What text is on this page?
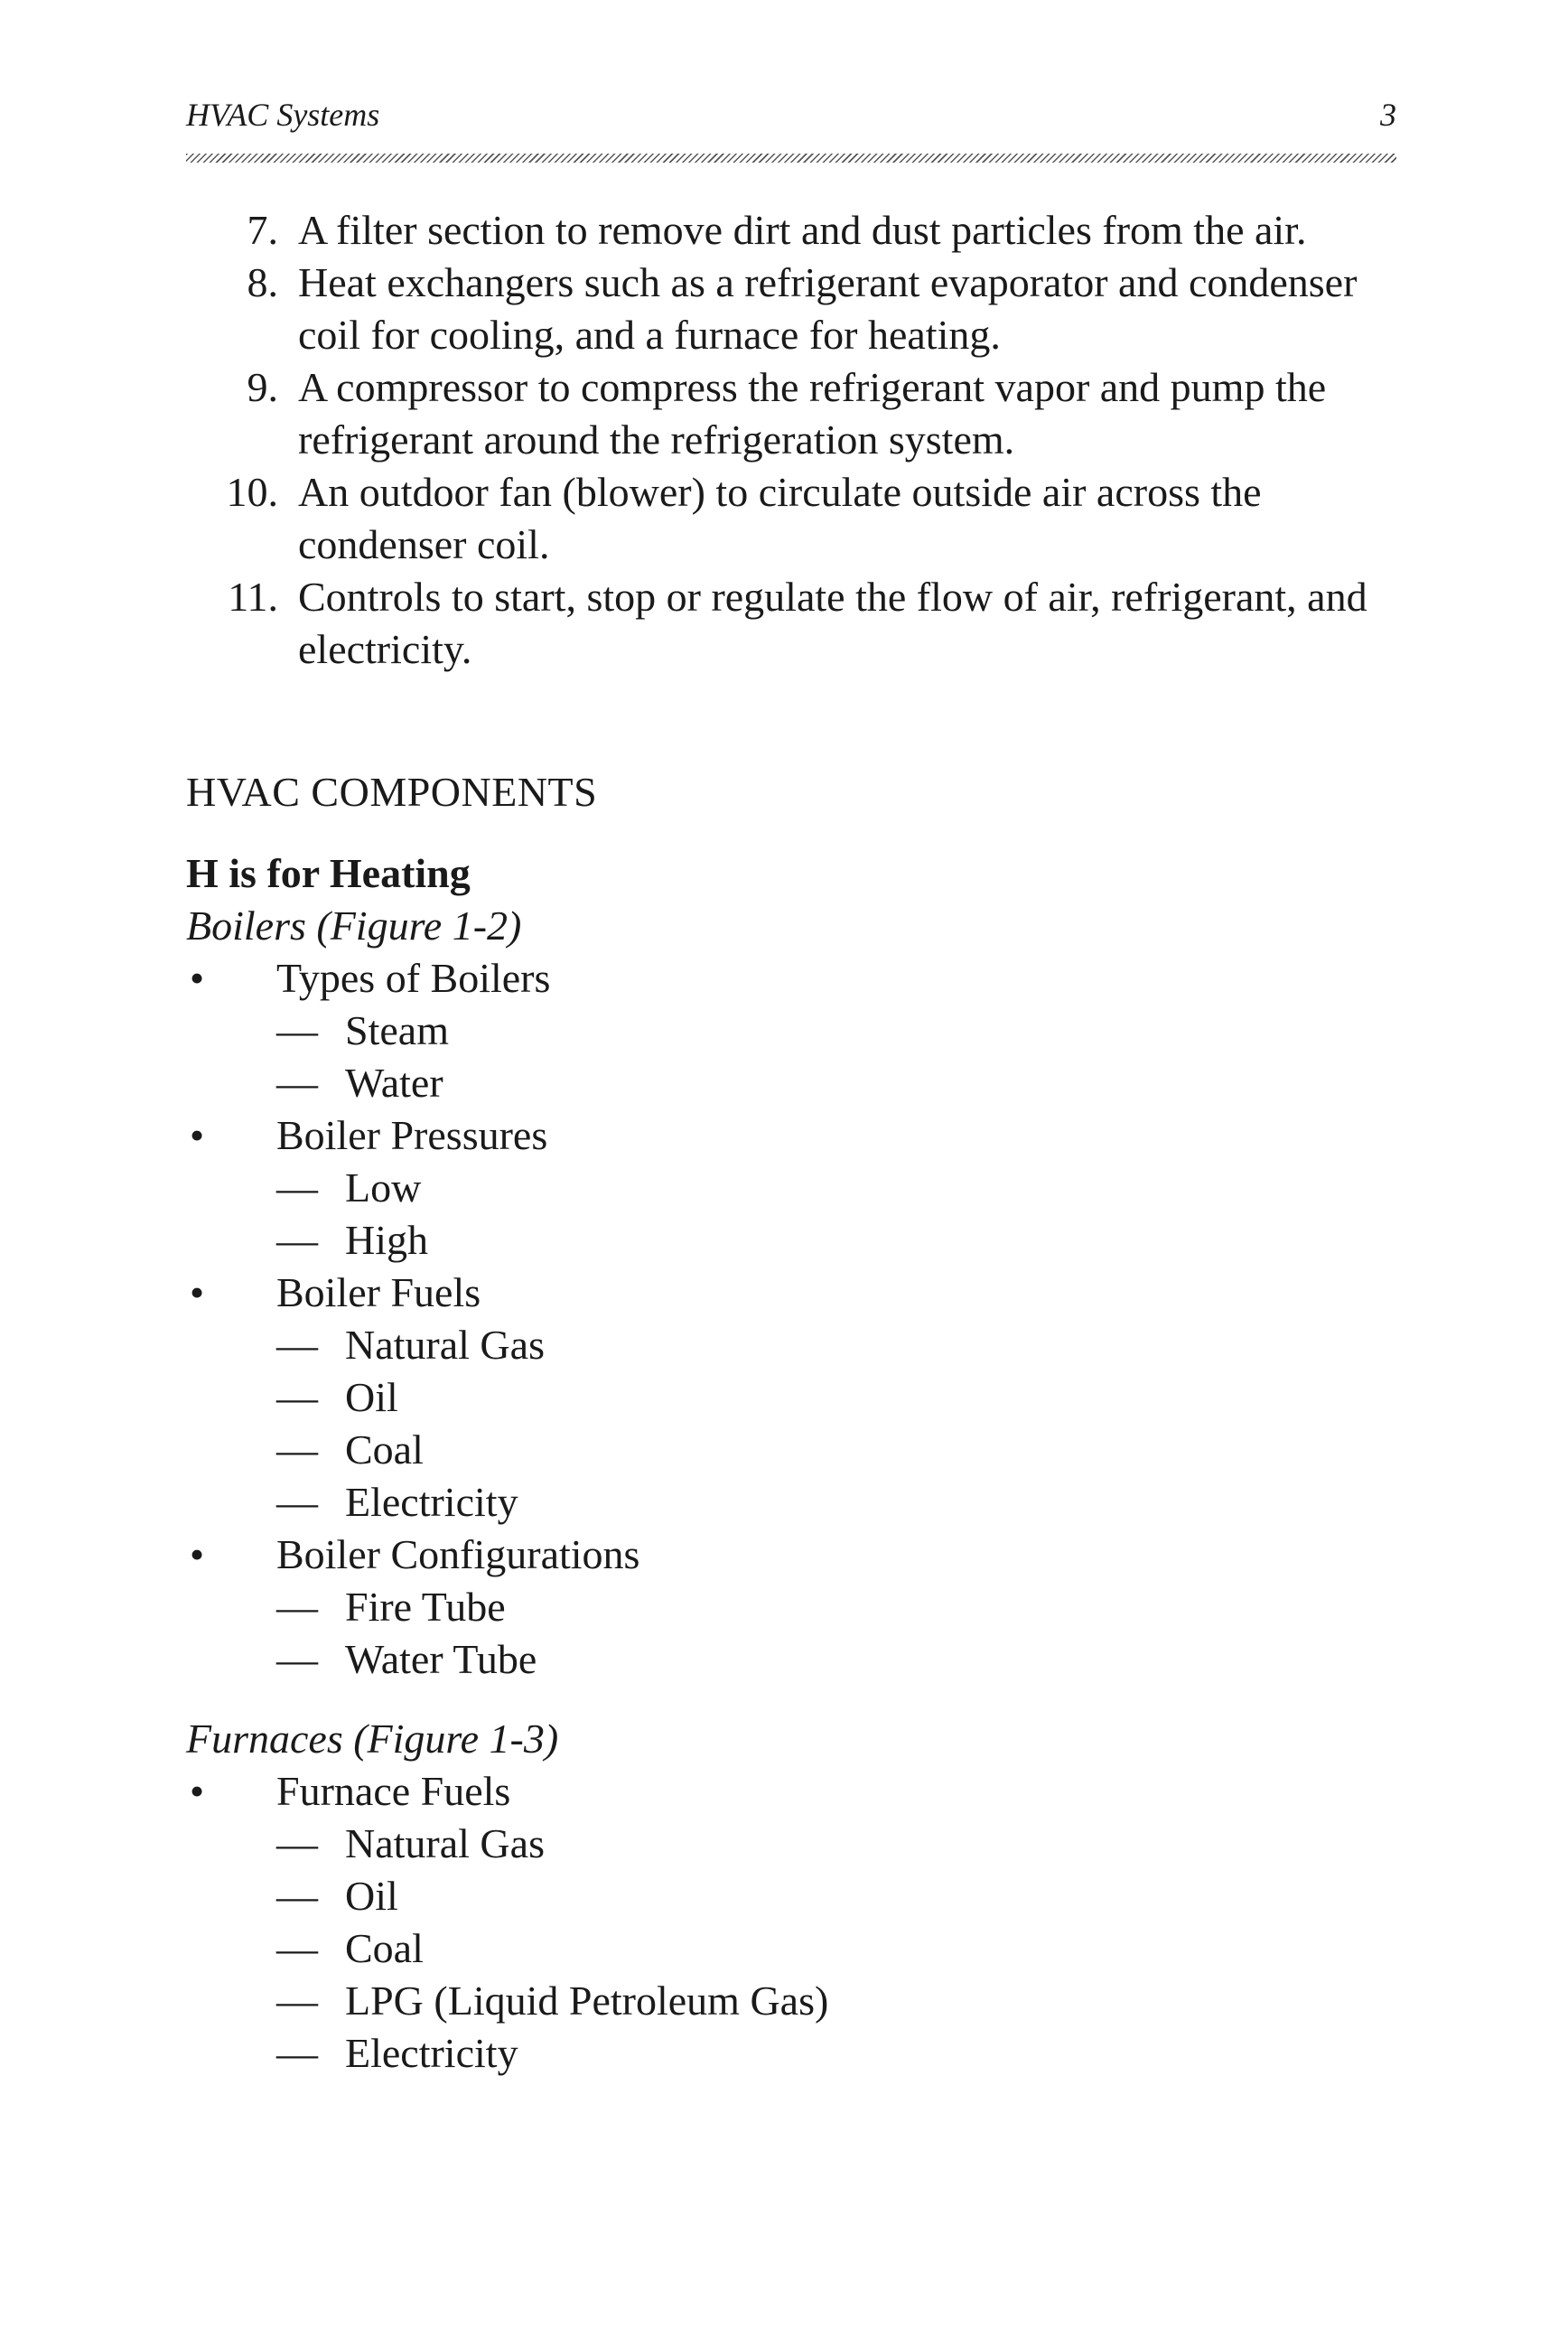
HVAC Systems	3
7. A filter section to remove dirt and dust particles from the air.
8. Heat exchangers such as a refrigerant evaporator and condenser coil for cooling, and a furnace for heating.
9. A compressor to compress the refrigerant vapor and pump the refrigerant around the refrigeration system.
10. An outdoor fan (blower) to circulate outside air across the condenser coil.
11. Controls to start, stop or regulate the flow of air, refrigerant, and electricity.
HVAC COMPONENTS
H is for Heating
Boilers (Figure 1-2)
• Types of Boilers
— Steam
— Water
• Boiler Pressures
— Low
— High
• Boiler Fuels
— Natural Gas
— Oil
— Coal
— Electricity
• Boiler Configurations
— Fire Tube
— Water Tube
Furnaces (Figure 1-3)
• Furnace Fuels
— Natural Gas
— Oil
— Coal
— LPG (Liquid Petroleum Gas)
— Electricity
